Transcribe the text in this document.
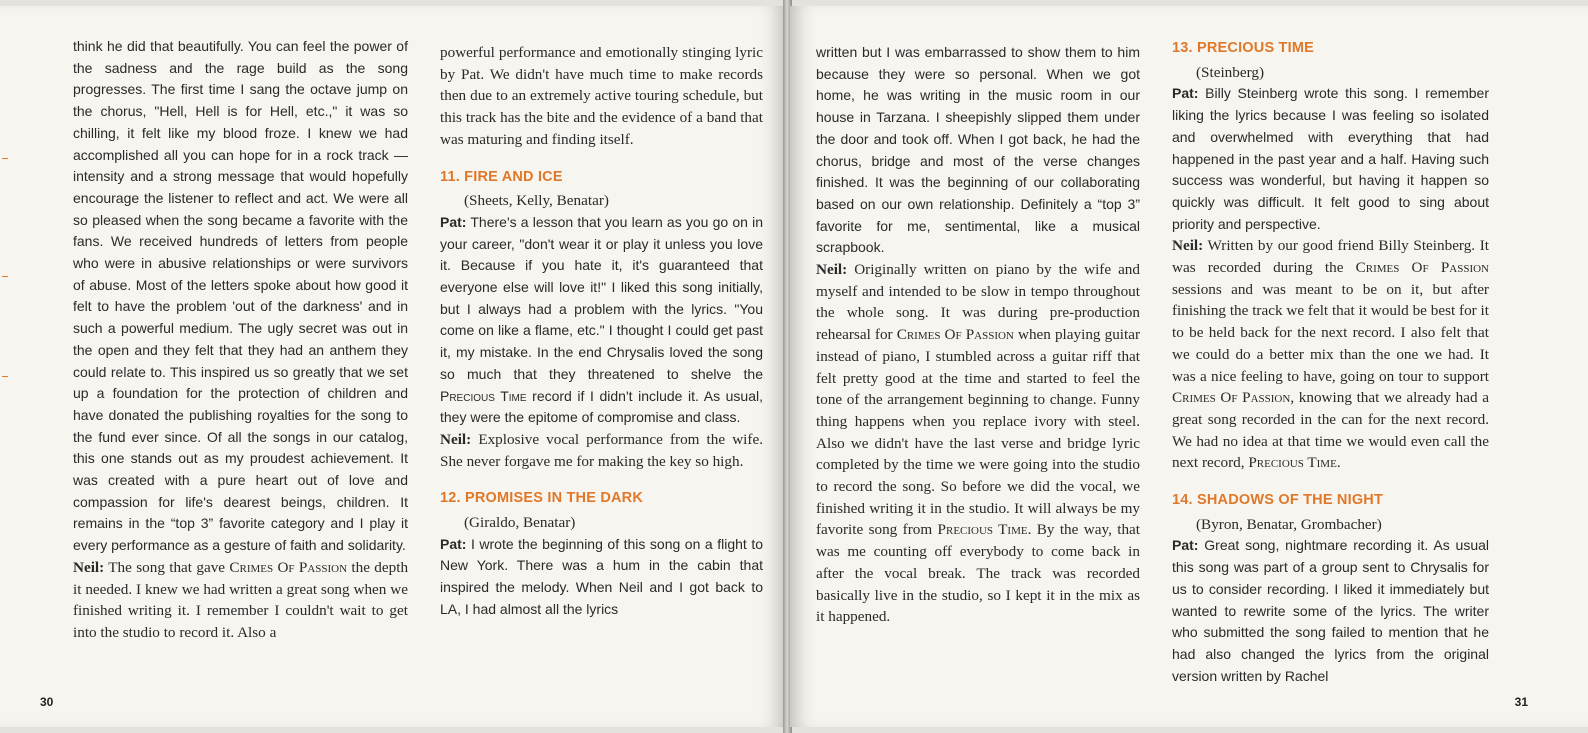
think he did that beautifully. You can feel the power of the sadness and the rage build as the song progresses. The first time I sang the octave jump on the chorus, "Hell, Hell is for Hell, etc.," it was so chilling, it felt like my blood froze. I knew we had accomplished all you can hope for in a rock track — intensity and a strong message that would hopefully encourage the listener to reflect and act. We were all so pleased when the song became a favorite with the fans. We received hundreds of letters from people who were in abusive relationships or were survivors of abuse. Most of the letters spoke about how good it felt to have the problem 'out of the darkness' and in such a powerful medium. The ugly secret was out in the open and they felt that they had an anthem they could relate to. This inspired us so greatly that we set up a foundation for the protection of children and have donated the publishing royalties for the song to the fund ever since. Of all the songs in our catalog, this one stands out as my proudest achievement. It was created with a pure heart out of love and compassion for life's dearest beings, children. It remains in the “top 3” favorite category and I play it every performance as a gesture of faith and solidarity.

Neil: The song that gave Crimes Of Passion the depth it needed. I knew we had written a great song when we finished writing it. I remember I couldn't wait to get into the studio to record it. Also a

powerful performance and emotionally stinging lyric by Pat. We didn't have much time to make records then due to an extremely active touring schedule, but this track has the bite and the evidence of a band that was maturing and finding itself.

11. FIRE AND ICE
(Sheets, Kelly, Benatar)

Pat: There's a lesson that you learn as you go on in your career, "don't wear it or play it unless you love it. Because if you hate it, it's guaranteed that everyone else will love it!" I liked this song initially, but I always had a problem with the lyrics. "You come on like a flame, etc." I thought I could get past it, my mistake. In the end Chrysalis loved the song so much that they threatened to shelve the Precious Time record if I didn't include it. As usual, they were the epitome of compromise and class.

Neil: Explosive vocal performance from the wife. She never forgave me for making the key so high.

12. PROMISES IN THE DARK
(Giraldo, Benatar)

Pat: I wrote the beginning of this song on a flight to New York. There was a hum in the cabin that inspired the melody. When Neil and I got back to LA, I had almost all the lyrics

30

written but I was embarrassed to show them to him because they were so personal. When we got home, he was writing in the music room in our house in Tarzana. I sheepishly slipped them under the door and took off. When I got back, he had the chorus, bridge and most of the verse changes finished. It was the beginning of our collaborating based on our own relationship. Definitely a “top 3” favorite for me, sentimental, like a musical scrapbook.

Neil: Originally written on piano by the wife and myself and intended to be slow in tempo throughout the whole song. It was during pre-production rehearsal for Crimes Of Passion when playing guitar instead of piano, I stumbled across a guitar riff that felt pretty good at the time and started to feel the tone of the arrangement beginning to change. Funny thing happens when you replace ivory with steel. Also we didn't have the last verse and bridge lyric completed by the time we were going into the studio to record the song. So before we did the vocal, we finished writing it in the studio. It will always be my favorite song from Precious Time. By the way, that was me counting off everybody to come back in after the vocal break. The track was recorded basically live in the studio, so I kept it in the mix as it happened.

13. PRECIOUS TIME
(Steinberg)

Pat: Billy Steinberg wrote this song. I remember liking the lyrics because I was feeling so isolated and overwhelmed with everything that had happened in the past year and a half. Having such success was wonderful, but having it happen so quickly was difficult. It felt good to sing about priority and perspective.

Neil: Written by our good friend Billy Steinberg. It was recorded during the Crimes Of Passion sessions and was meant to be on it, but after finishing the track we felt that it would be best for it to be held back for the next record. I also felt that we could do a better mix than the one we had. It was a nice feeling to have, going on tour to support Crimes Of Passion, knowing that we already had a great song recorded in the can for the next record. We had no idea at that time we would even call the next record, Precious Time.

14. SHADOWS OF THE NIGHT
(Byron, Benatar, Grombacher)

Pat: Great song, nightmare recording it. As usual this song was part of a group sent to Chrysalis for us to consider recording. I liked it immediately but wanted to rewrite some of the lyrics. The writer who submitted the song failed to mention that he had also changed the lyrics from the original version written by Rachel

31
